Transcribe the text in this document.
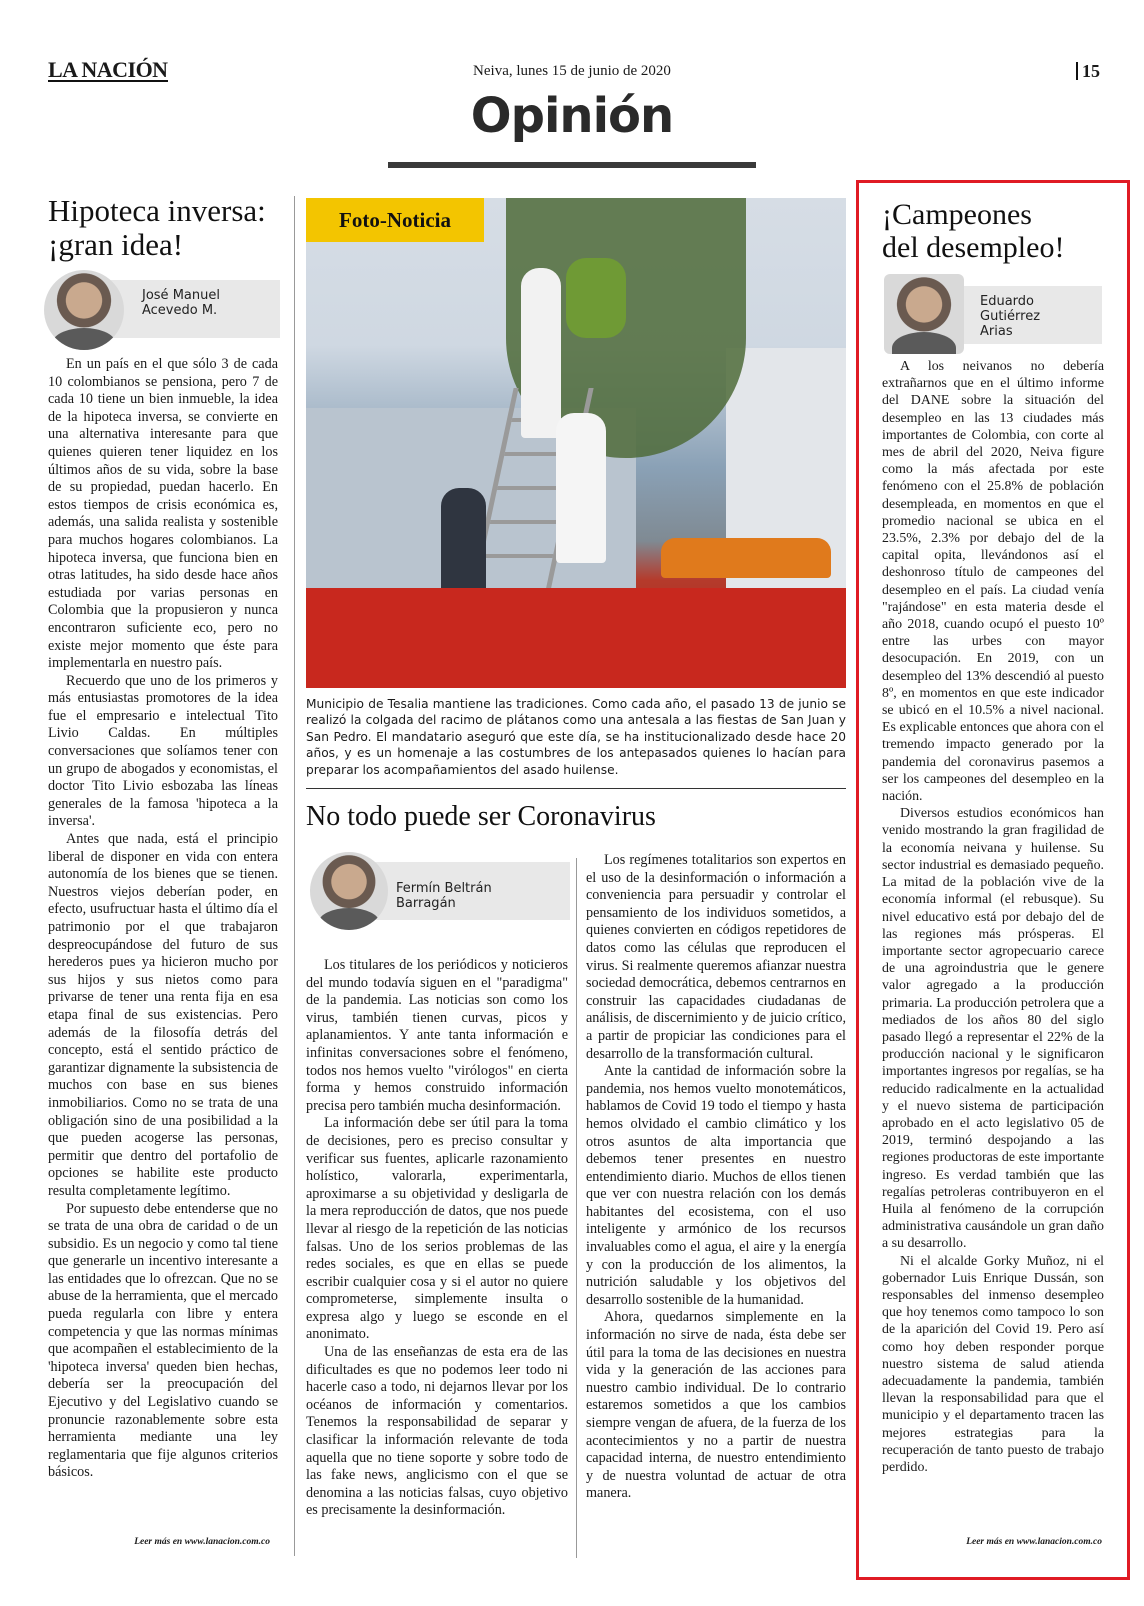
LA NACIÓN	Neiva, lunes 15 de junio de 2020	15
Opinión
Hipoteca inversa:
¡gran idea!
José Manuel
Acevedo M.

En un país en el que sólo 3 de cada 10 colombianos se pensiona, pero 7 de cada 10 tiene un bien inmueble, la idea de la hipoteca inversa, se convierte en una alternativa interesante para que quienes quieren tener liquidez en los últimos años de su vida, sobre la base de su propiedad, puedan hacerlo. En estos tiempos de crisis económica es, además, una salida realista y sostenible para muchos hogares colombianos. La hipoteca inversa, que funciona bien en otras latitudes, ha sido desde hace años estudiada por varias personas en Colombia que la propusieron y nunca encontraron suficiente eco, pero no existe mejor momento que éste para implementarla en nuestro país.

Recuerdo que uno de los primeros y más entusiastas promotores de la idea fue el empresario e intelectual Tito Livio Caldas. En múltiples conversaciones que solíamos tener con un grupo de abogados y economistas, el doctor Tito Livio esbozaba las líneas generales de la famosa 'hipoteca a la inversa'.

Antes que nada, está el principio liberal de disponer en vida con entera autonomía de los bienes que se tienen. Nuestros viejos deberían poder, en efecto, usufructuar hasta el último día el patrimonio por el que trabajaron despreocupándose del futuro de sus herederos pues ya hicieron mucho por sus hijos y sus nietos como para privarse de tener una renta fija en esa etapa final de sus existencias. Pero además de la filosofía detrás del concepto, está el sentido práctico de garantizar dignamente la subsistencia de muchos con base en sus bienes inmobiliarios. Como no se trata de una obligación sino de una posibilidad a la que pueden acogerse las personas, permitir que dentro del portafolio de opciones se habilite este producto resulta completamente legítimo.

Por supuesto debe entenderse que no se trata de una obra de caridad o de un subsidio. Es un negocio y como tal tiene que generarle un incentivo interesante a las entidades que lo ofrezcan. Que no se abuse de la herramienta, que el mercado pueda regularla con libre y entera competencia y que las normas mínimas que acompañen el establecimiento de la 'hipoteca inversa' queden bien hechas, debería ser la preocupación del Ejecutivo y del Legislativo cuando se pronuncie razonablemente sobre esta herramienta mediante una ley reglamentaria que fije algunos criterios básicos.

Leer más en www.lanacion.com.co
Foto-Noticia
Municipio de Tesalia mantiene las tradiciones. Como cada año, el pasado 13 de junio se realizó la colgada del racimo de plátanos como una antesala a las fiestas de San Juan y San Pedro. El mandatario aseguró que este día, se ha institucionalizado desde hace 20 años, y es un homenaje a las costumbres de los antepasados quienes lo hacían para preparar los acompañamientos del asado huilense.
No todo puede ser Coronavirus
Fermín Beltrán
Barragán

Los titulares de los periódicos y noticieros del mundo todavía siguen en el "paradigma" de la pandemia. Las noticias son como los virus, también tienen curvas, picos y aplanamientos. Y ante tanta información e infinitas conversaciones sobre el fenómeno, todos nos hemos vuelto "virólogos" en cierta forma y hemos construido información precisa pero también mucha desinformación.

La información debe ser útil para la toma de decisiones, pero es preciso consultar y verificar sus fuentes, aplicarle razonamiento holístico, valorarla, experimentarla, aproximarse a su objetividad y desligarla de la mera reproducción de datos, que nos puede llevar al riesgo de la repetición de las noticias falsas. Uno de los serios problemas de las redes sociales, es que en ellas se puede escribir cualquier cosa y si el autor no quiere comprometerse, simplemente insulta o expresa algo y luego se esconde en el anonimato.

Una de las enseñanzas de esta era de las dificultades es que no podemos leer todo ni hacerle caso a todo, ni dejarnos llevar por los océanos de información y comentarios. Tenemos la responsabilidad de separar y clasificar la información relevante de toda aquella que no tiene soporte y sobre todo de las fake news, anglicismo con el que se denomina a las noticias falsas, cuyo objetivo es precisamente la desinformación.

Los regímenes totalitarios son expertos en el uso de la desinformación o información a conveniencia para persuadir y controlar el pensamiento de los individuos sometidos, a quienes convierten en códigos repetidores de datos como las células que reproducen el virus. Si realmente queremos afianzar nuestra sociedad democrática, debemos centrarnos en construir las capacidades ciudadanas de análisis, de discernimiento y de juicio crítico, a partir de propiciar las condiciones para el desarrollo de la transformación cultural.

Ante la cantidad de información sobre la pandemia, nos hemos vuelto monotemáticos, hablamos de Covid 19 todo el tiempo y hasta hemos olvidado el cambio climático y los otros asuntos de alta importancia que debemos tener presentes en nuestro entendimiento diario. Muchos de ellos tienen que ver con nuestra relación con los demás habitantes del ecosistema, con el uso inteligente y armónico de los recursos invaluables como el agua, el aire y la energía y con la producción de los alimentos, la nutrición saludable y los objetivos del desarrollo sostenible de la humanidad.

Ahora, quedarnos simplemente en la información no sirve de nada, ésta debe ser útil para la toma de las decisiones en nuestra vida y la generación de las acciones para nuestro cambio individual. De lo contrario estaremos sometidos a que los cambios siempre vengan de afuera, de la fuerza de los acontecimientos y no a partir de nuestra capacidad interna, de nuestro entendimiento y de nuestra voluntad de actuar de otra manera.

¡Campeones
del desempleo!
Eduardo
Gutiérrez
Arias

A los neivanos no debería extrañarnos que en el último informe del DANE sobre la situación del desempleo en las 13 ciudades más importantes de Colombia, con corte al mes de abril del 2020, Neiva figure como la más afectada por este fenómeno con el 25.8% de población desempleada, en momentos en que el promedio nacional se ubica en el 23.5%, 2.3% por debajo del de la capital opita, llevándonos así el deshonroso título de campeones del desempleo en el país. La ciudad venía "rajándose" en esta materia desde el año 2018, cuando ocupó el puesto 10º entre las urbes con mayor desocupación. En 2019, con un desempleo del 13% descendió al puesto 8º, en momentos en que este indicador se ubicó en el 10.5% a nivel nacional. Es explicable entonces que ahora con el tremendo impacto generado por la pandemia del coronavirus pasemos a ser los campeones del desempleo en la nación.

Diversos estudios económicos han venido mostrando la gran fragilidad de la economía neivana y huilense. Su sector industrial es demasiado pequeño. La mitad de la población vive de la economía informal (el rebusque). Su nivel educativo está por debajo del de las regiones más prósperas. El importante sector agropecuario carece de una agroindustria que le genere valor agregado a la producción primaria. La producción petrolera que a mediados de los años 80 del siglo pasado llegó a representar el 22% de la producción nacional y le significaron importantes ingresos por regalías, se ha reducido radicalmente en la actualidad y el nuevo sistema de participación aprobado en el acto legislativo 05 de 2019, terminó despojando a las regiones productoras de este importante ingreso. Es verdad también que las regalías petroleras contribuyeron en el Huila al fenómeno de la corrupción administrativa causándole un gran daño a su desarrollo.

Ni el alcalde Gorky Muñoz, ni el gobernador Luis Enrique Dussán, son responsables del inmenso desempleo que hoy tenemos como tampoco lo son de la aparición del Covid 19. Pero así como hoy deben responder porque nuestro sistema de salud atienda adecuadamente la pandemia, también llevan la responsabilidad para que el municipio y el departamento tracen las mejores estrategias para la recuperación de tanto puesto de trabajo perdido.

Leer más en www.lanacion.com.co
